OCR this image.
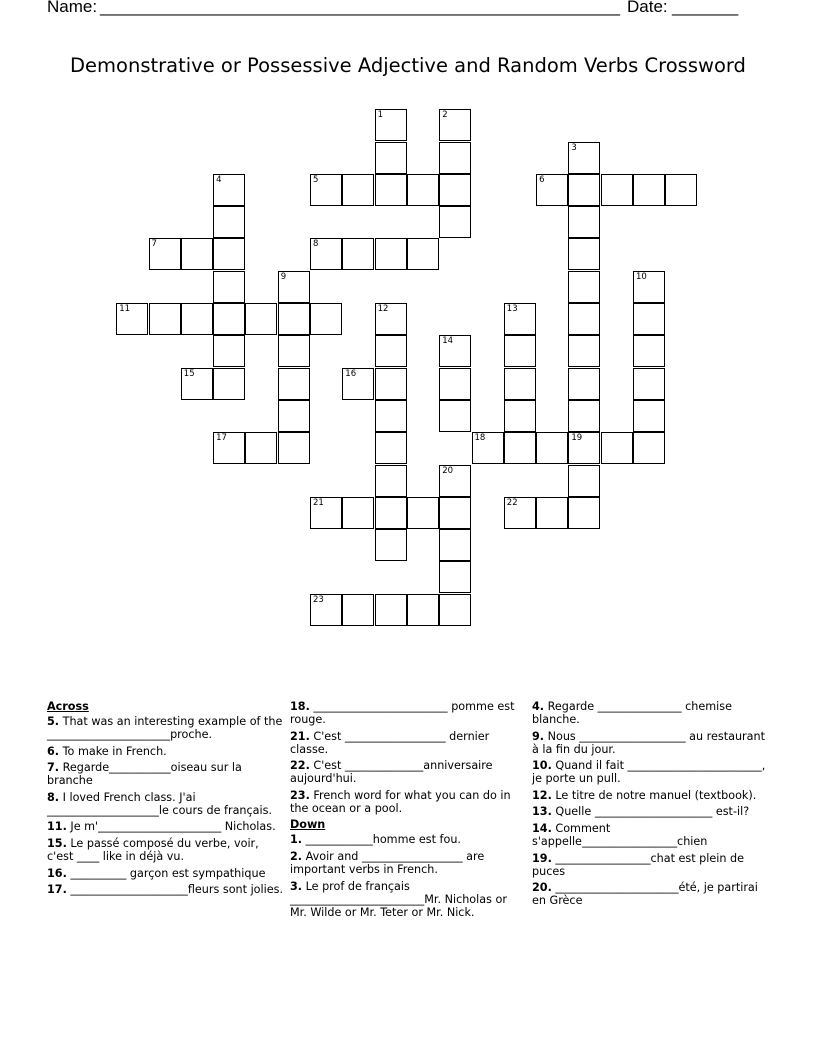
Name: _______________________________________________________ Date: _______
Demonstrative or Possessive Adjective and Random Verbs Crossword
1	2
3
4	5	6
7	8
9	10
11	12	13
14
15	16
17	18	19
20
21	22
23
Across
5. That was an interesting example of the ______________________proche.
6. To make in French.
7. Regarde___________oiseau sur la branche
8. I loved French class. J'ai ____________________le cours de français.
11. Je m'______________________ Nicholas.
15. Le passé composé du verbe, voir, c'est ____ like in déjà vu.
16. __________ garçon est sympathique
17. _____________________fleurs sont jolies.
18. ________________________ pomme est rouge.
21. C'est __________________ dernier classe.
22. C'est ______________anniversaire aujourd'hui.
23. French word for what you can do in the ocean or a pool.
Down
1. ____________homme est fou.
2. Avoir and __________________ are important verbs in French.
3. Le prof de français ________________________Mr. Nicholas or Mr. Wilde or Mr. Teter or Mr. Nick.
4. Regarde _______________ chemise blanche.
9. Nous ___________________ au restaurant à la fin du jour.
10. Quand il fait ________________________, je porte un pull.
12. Le titre de notre manuel (textbook).
13. Quelle _____________________ est-il?
14. Comment s'appelle_________________chien
19. _________________chat est plein de puces
20. ______________________été, je partirai en Grèce
